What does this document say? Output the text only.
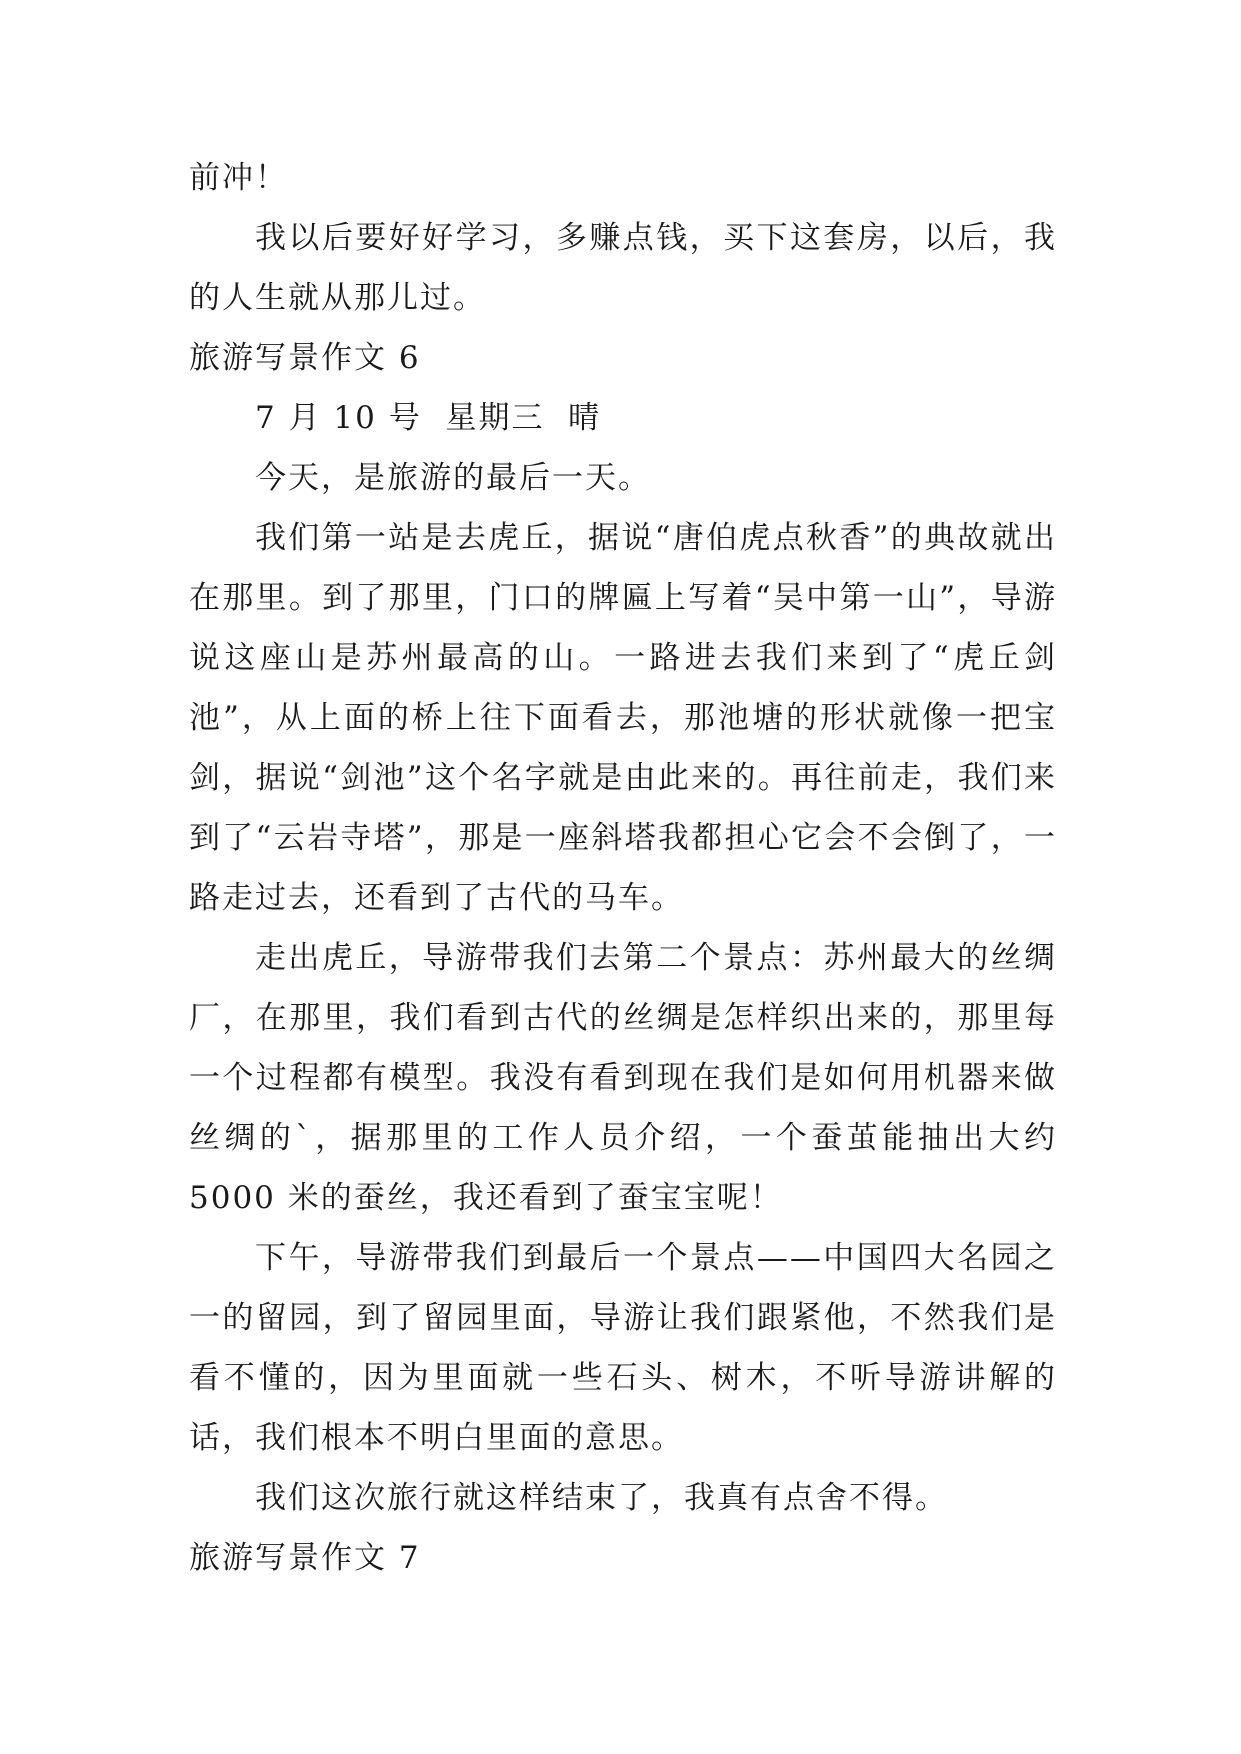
前冲！

我以后要好好学习，多赚点钱，买下这套房，以后，我的人生就从那儿过。

旅游写景作文 6

7 月 10 号  星期三  晴

今天，是旅游的最后一天。

我们第一站是去虎丘，据说“唐伯虎点秋香”的典故就出在那里。到了那里，门口的牌匾上写着“吴中第一山”，导游说这座山是苏州最高的山。一路进去我们来到了“虎丘剑池”，从上面的桥上往下面看去，那池塘的形状就像一把宝剑，据说“剑池”这个名字就是由此来的。再往前走，我们来到了“云岩寺塔”，那是一座斜塔我都担心它会不会倒了，一路走过去，还看到了古代的马车。

走出虎丘，导游带我们去第二个景点：苏州最大的丝绸厂，在那里，我们看到古代的丝绸是怎样织出来的，那里每一个过程都有模型。我没有看到现在我们是如何用机器来做丝绸的`，据那里的工作人员介绍，一个蚕茧能抽出大约 5000 米的蚕丝，我还看到了蚕宝宝呢！

下午，导游带我们到最后一个景点——中国四大名园之一的留园，到了留园里面，导游让我们跟紧他，不然我们是看不懂的，因为里面就一些石头、树木，不听导游讲解的话，我们根本不明白里面的意思。

我们这次旅行就这样结束了，我真有点舍不得。

旅游写景作文 7
